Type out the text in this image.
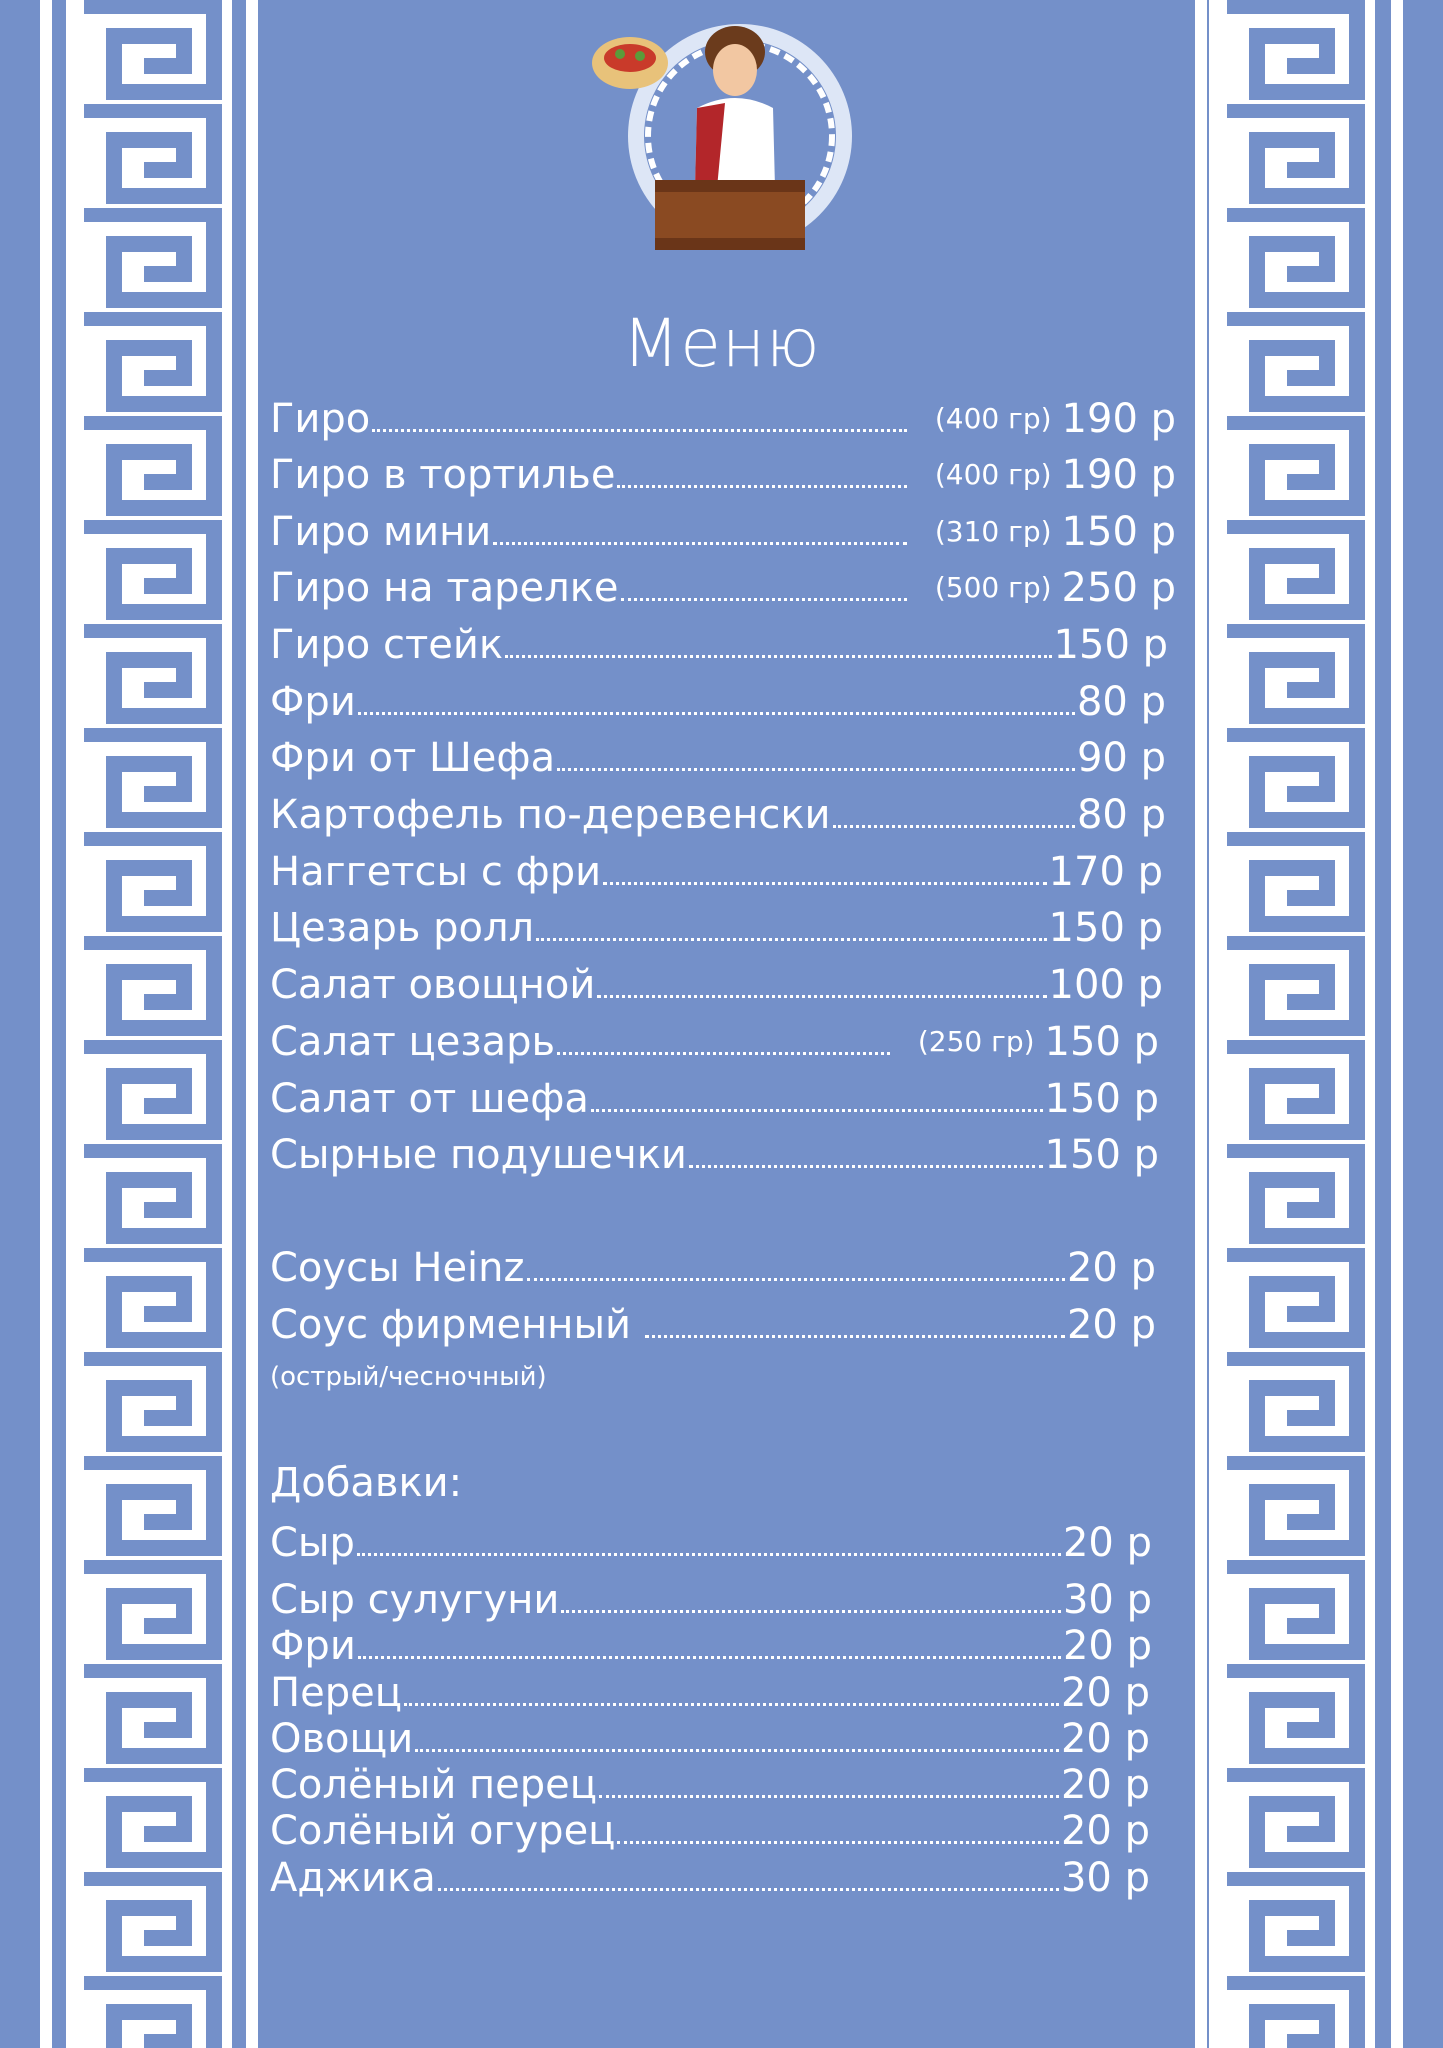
Меню
Гиро	(400 гр) 190 р
Гиро в тортилье	(400 гр) 190 р
Гиро мини	(310 гр) 150 р
Гиро на тарелке	(500 гр) 250 р
Гиро стейк	150 р
Фри	80 р
Фри от Шефа	90 р
Картофель по-деревенски	80 р
Наггетсы с фри	170 р
Цезарь ролл	150 р
Салат овощной	100 р
Салат цезарь	(250 гр) 150 р
Салат от шефа	150 р
Сырные подушечки	150 р
Соусы Heinz	20 р
Соус фирменный	20 р
(острый/чесночный)
Добавки:
Сыр	20 р
Сыр сулугуни	30 р
Фри	20 р
Перец	20 р
Овощи	20 р
Солёный перец	20 р
Солёный огурец	20 р
Аджика	30 р
